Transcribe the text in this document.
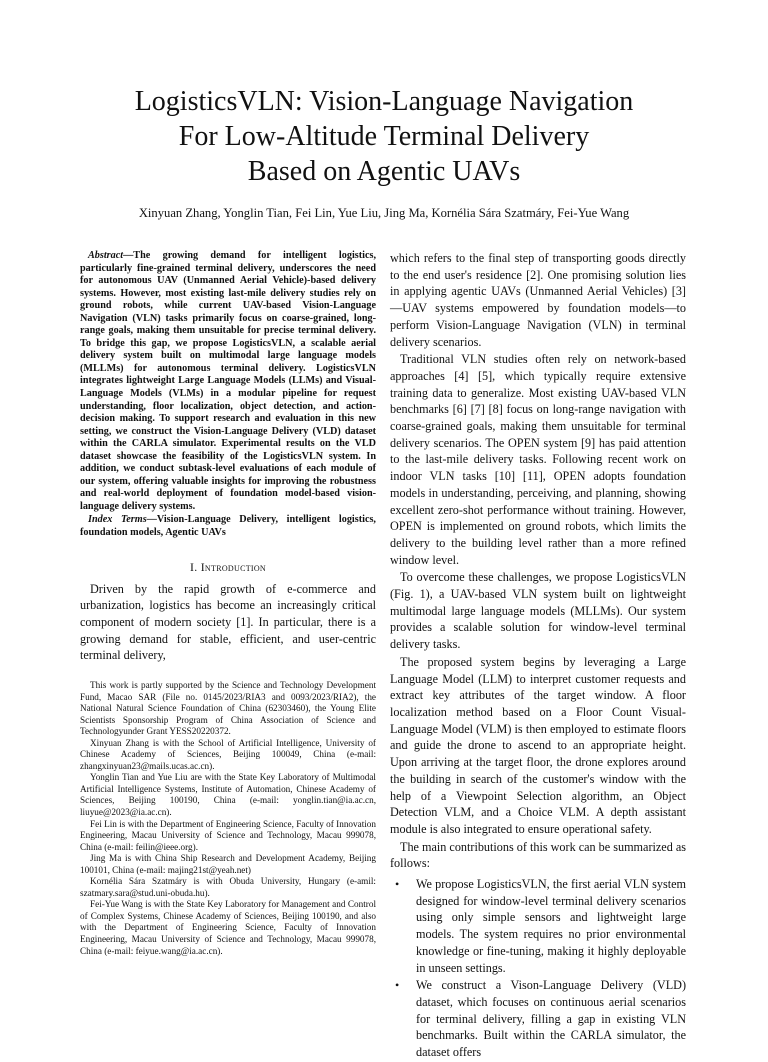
LogisticsVLN: Vision-Language Navigation
For Low-Altitude Terminal Delivery
Based on Agentic UAVs

Xinyuan Zhang, Yonglin Tian, Fei Lin, Yue Liu, Jing Ma, Kornélia Sára Szatmáry, Fei-Yue Wang

Abstract—The growing demand for intelligent logistics, particularly fine-grained terminal delivery, underscores the need for autonomous UAV (Unmanned Aerial Vehicle)-based delivery systems. However, most existing last-mile delivery studies rely on ground robots, while current UAV-based Vision-Language Navigation (VLN) tasks primarily focus on coarse-grained, long-range goals, making them unsuitable for precise terminal delivery. To bridge this gap, we propose LogisticsVLN, a scalable aerial delivery system built on multimodal large language models (MLLMs) for autonomous terminal delivery. LogisticsVLN integrates lightweight Large Language Models (LLMs) and Visual-Language Models (VLMs) in a modular pipeline for request understanding, floor localization, object detection, and action-decision making. To support research and evaluation in this new setting, we construct the Vision-Language Delivery (VLD) dataset within the CARLA simulator. Experimental results on the VLD dataset showcase the feasibility of the LogisticsVLN system. In addition, we conduct subtask-level evaluations of each module of our system, offering valuable insights for improving the robustness and real-world deployment of foundation model-based vision-language delivery systems.

Index Terms—Vision-Language Delivery, intelligent logistics, foundation models, Agentic UAVs

I. Introduction

Driven by the rapid growth of e-commerce and urbanization, logistics has become an increasingly critical component of modern society [1]. In particular, there is a growing demand for stable, efficient, and user-centric terminal delivery,

This work is partly supported by the Science and Technology Development Fund, Macao SAR (File no. 0145/2023/RIA3 and 0093/2023/RIA2), the National Natural Science Foundation of China (62303460), the Young Elite Scientists Sponsorship Program of China Association of Science and Technologyunder Grant YESS20220372.

Xinyuan Zhang is with the School of Artificial Intelligence, University of Chinese Academy of Sciences, Beijing 100049, China (e-mail: zhangxinyuan23@mails.ucas.ac.cn).

Yonglin Tian and Yue Liu are with the State Key Laboratory of Multimodal Artificial Intelligence Systems, Institute of Automation, Chinese Academy of Sciences, Beijing 100190, China (e-mail: yonglin.tian@ia.ac.cn, liuyue@2023@ia.ac.cn).

Fei Lin is with the Department of Engineering Science, Faculty of Innovation Engineering, Macau University of Science and Technology, Macau 999078, China (e-mail: feilin@ieee.org).

Jing Ma is with China Ship Research and Development Academy, Beijing 100101, China (e-mail: majing21st@yeah.net)

Kornélia Sára Szatmáry is with Obuda University, Hungary (e-amil: szatmary.sara@stud.uni-obuda.hu).

Fei-Yue Wang is with the State Key Laboratory for Management and Control of Complex Systems, Chinese Academy of Sciences, Beijing 100190, and also with the Department of Engineering Science, Faculty of Innovation Engineering, Macau University of Science and Technology, Macau 999078, China (e-mail: feiyue.wang@ia.ac.cn).

which refers to the final step of transporting goods directly to the end user's residence [2]. One promising solution lies in applying agentic UAVs (Unmanned Aerial Vehicles) [3]—UAV systems empowered by foundation models—to perform Vision-Language Navigation (VLN) in terminal delivery scenarios.

Traditional VLN studies often rely on network-based approaches [4] [5], which typically require extensive training data to generalize. Most existing UAV-based VLN benchmarks [6] [7] [8] focus on long-range navigation with coarse-grained goals, making them unsuitable for terminal delivery scenarios. The OPEN system [9] has paid attention to the last-mile delivery tasks. Following recent work on indoor VLN tasks [10] [11], OPEN adopts foundation models in understanding, perceiving, and planning, showing excellent zero-shot performance without training. However, OPEN is implemented on ground robots, which limits the delivery to the building level rather than a more refined window level.

To overcome these challenges, we propose LogisticsVLN (Fig. 1), a UAV-based VLN system built on lightweight multimodal large language models (MLLMs). Our system provides a scalable solution for window-level terminal delivery tasks.

The proposed system begins by leveraging a Large Language Model (LLM) to interpret customer requests and extract key attributes of the target window. A floor localization method based on a Floor Count Visual-Language Model (VLM) is then employed to estimate floors and guide the drone to ascend to an appropriate height. Upon arriving at the target floor, the drone explores around the building in search of the customer's window with the help of a Viewpoint Selection algorithm, an Object Detection VLM, and a Choice VLM. A depth assistant module is also integrated to ensure operational safety.

The main contributions of this work can be summarized as follows:

• We propose LogisticsVLN, the first aerial VLN system designed for window-level terminal delivery scenarios using only simple sensors and lightweight large models. The system requires no prior environmental knowledge or fine-tuning, making it highly deployable in unseen settings.
• We construct a Vison-Language Delivery (VLD) dataset, which focuses on continuous aerial scenarios for terminal delivery, filling a gap in existing VLN benchmarks. Built within the CARLA simulator, the dataset offers
